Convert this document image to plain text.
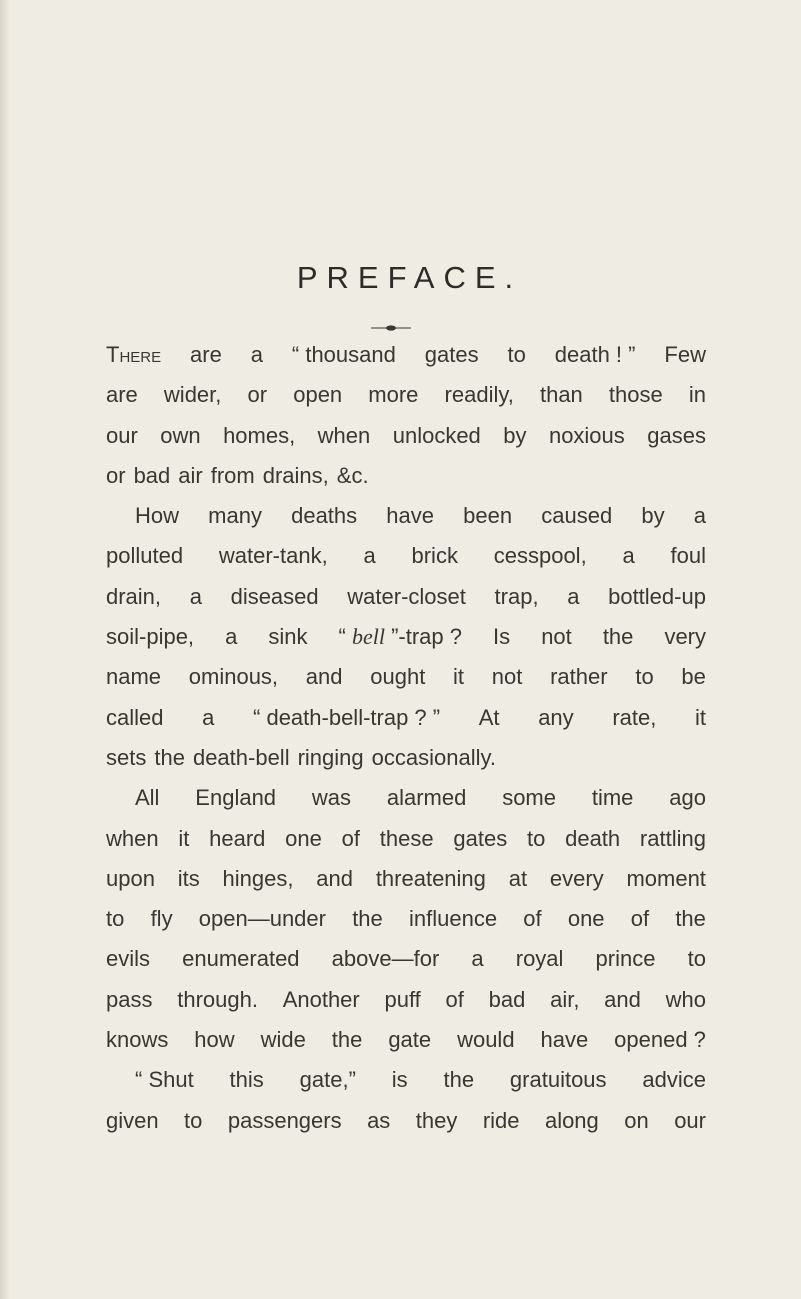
PREFACE.
There are a “ thousand gates to death ! ” Few
are wider, or open more readily, than those in
our own homes, when unlocked by noxious gases
or bad air from drains, &c.
How many deaths have been caused by a
polluted water-tank, a brick cesspool, a foul
drain, a diseased water-closet trap, a bottled-up
soil-pipe, a sink “ bell ”-trap ? Is not the very
name ominous, and ought it not rather to be
called a “ death-bell-trap ? ” At any rate, it
sets the death-bell ringing occasionally.
All England was alarmed some time ago
when it heard one of these gates to death rattling
upon its hinges, and threatening at every moment
to fly open—under the influence of one of the
evils enumerated above—for a royal prince to
pass through. Another puff of bad air, and who
knows how wide the gate would have opened ?
“ Shut this gate,” is the gratuitous advice
given to passengers as they ride along on our
